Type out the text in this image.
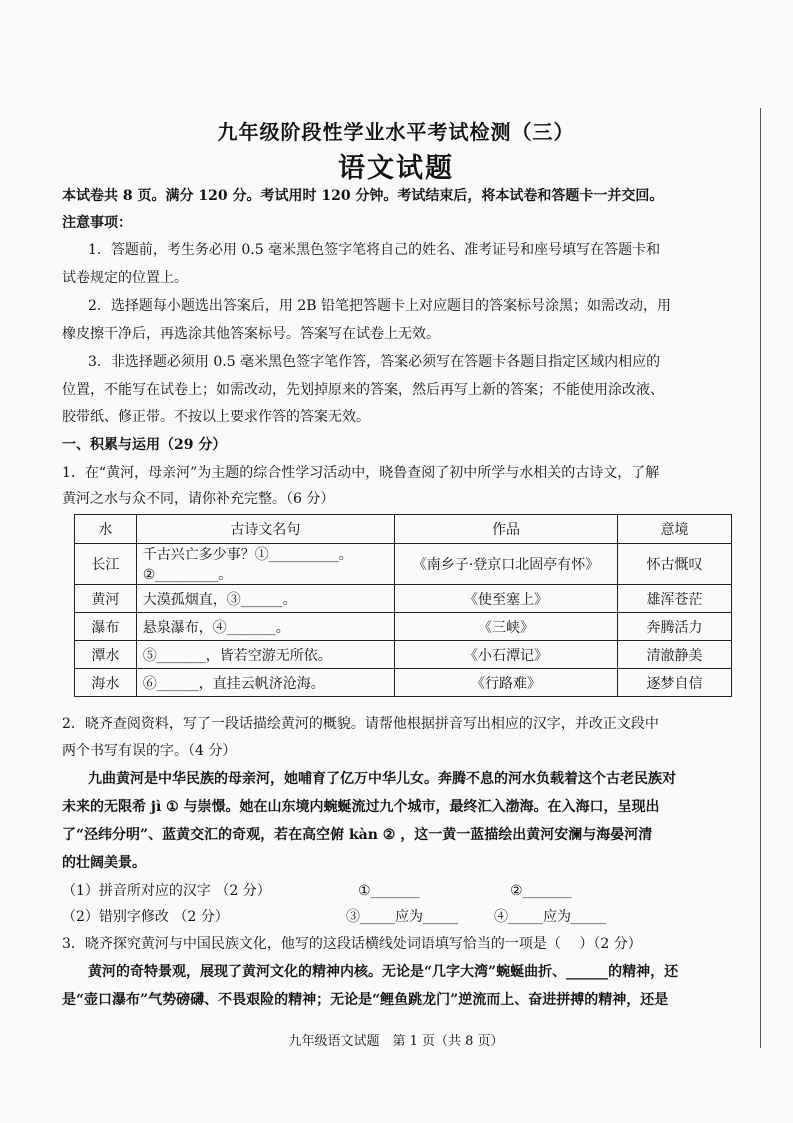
九年级阶段性学业水平考试检测（三）
语文试题
本试卷共 8 页。满分 120 分。考试用时 120 分钟。考试结束后，将本试卷和答题卡一并交回。
注意事项：
1．答题前，考生务必用 0.5 毫米黑色签字笔将自己的姓名、准考证号和座号填写在答题卡和
试卷规定的位置上。
2．选择题每小题选出答案后，用 2B 铅笔把答题卡上对应题目的答案标号涂黑；如需改动，用
橡皮擦干净后，再选涂其他答案标号。答案写在试卷上无效。
3．非选择题必须用 0.5 毫米黑色签字笔作答，答案必须写在答题卡各题目指定区域内相应的
位置，不能写在试卷上；如需改动，先划掉原来的答案，然后再写上新的答案；不能使用涂改液、
胶带纸、修正带。不按以上要求作答的答案无效。
一、积累与运用（29 分）
1．在“黄河，母亲河”为主题的综合性学习活动中，晓鲁查阅了初中所学与水相关的古诗文，了解
黄河之水与众不同，请你补充完整。（6 分）
水	古诗文名句	作品	意境
长江	千古兴亡多少事？①__________。
②_________。	《南乡子·登京口北固亭有怀》	怀古慨叹
黄河	大漠孤烟直，③______。	《使至塞上》	雄浑苍茫
瀑布	悬泉瀑布，④_______。	《三峡》	奔腾活力
潭水	⑤_______，皆若空游无所依。	《小石潭记》	清澈静美
海水	⑥______，直挂云帆济沧海。	《行路难》	逐梦自信
2．晓齐查阅资料，写了一段话描绘黄河的概貌。请帮他根据拼音写出相应的汉字，并改正文段中
两个书写有误的字。（4 分）
九曲黄河是中华民族的母亲河，她哺育了亿万中华儿女。奔腾不息的河水负载着这个古老民族对
未来的无限希 jì ① 与崇憬。她在山东境内蜿蜒流过九个城市，最终汇入渤海。在入海口，呈现出
了“泾纬分明”、蓝黄交汇的奇观，若在高空俯 kàn ② ，这一黄一蓝描绘出黄河安澜与海晏河清
的壮阔美景。
（1）拼音所对应的汉字 （2 分）	①_______	②_______
（2）错别字修改 （2 分）	③_____应为_____	④_____应为_____
3．晓齐探究黄河与中国民族文化，他写的这段话横线处词语填写恰当的一项是（　 ）（2 分）
黄河的奇特景观，展现了黄河文化的精神内核。无论是“几字大湾”蜿蜒曲折、______的精神，还
是“壶口瀑布”气势磅礴、不畏艰险的精神；无论是“鲤鱼跳龙门”逆流而上、奋进拼搏的精神，还是
九年级语文试题　第 1 页（共 8 页）
